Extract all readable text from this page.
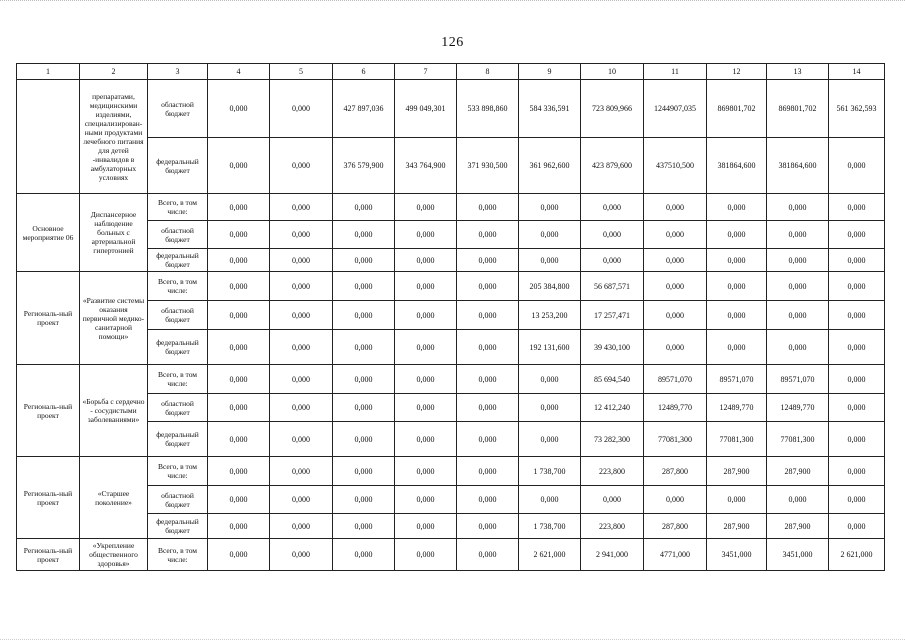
126
1	2	3	4	5	6	7	8	9	10	11	12	13	14
	препаратами, медицинскими изделиями, специализирован-ными продуктами лечебного питания для детей -инвалидов в амбулаторных условиях	областной бюджет	0,000	0,000	427 897,036	499 049,301	533 898,860	584 336,591	723 809,966	1244907,035	869801,702	869801,702	561 362,593
		федеральный бюджет	0,000	0,000	376 579,900	343 764,900	371 930,500	361 962,600	423 879,600	437510,500	381864,600	381864,600	0,000
Основное мероприятие 06	Диспансерное наблюдение больных с артериальной гипертонией	Всего, в том числе:	0,000	0,000	0,000	0,000	0,000	0,000	0,000	0,000	0,000	0,000	0,000
		областной бюджет	0,000	0,000	0,000	0,000	0,000	0,000	0,000	0,000	0,000	0,000	0,000
		федеральный бюджет	0,000	0,000	0,000	0,000	0,000	0,000	0,000	0,000	0,000	0,000	0,000
Региональ-ный проект	«Развитие системы оказания первичной медико-санитарной помощи»	Всего, в том числе:	0,000	0,000	0,000	0,000	0,000	205 384,800	56 687,571	0,000	0,000	0,000	0,000
		областной бюджет	0,000	0,000	0,000	0,000	0,000	13 253,200	17 257,471	0,000	0,000	0,000	0,000
		федеральный бюджет	0,000	0,000	0,000	0,000	0,000	192 131,600	39 430,100	0,000	0,000	0,000	0,000
Региональ-ный проект	«Борьба с сердечно - сосудистыми заболеваниями»	Всего, в том числе:	0,000	0,000	0,000	0,000	0,000	0,000	85 694,540	89571,070	89571,070	89571,070	0,000
		областной бюджет	0,000	0,000	0,000	0,000	0,000	0,000	12 412,240	12489,770	12489,770	12489,770	0,000
		федеральный бюджет	0,000	0,000	0,000	0,000	0,000	0,000	73 282,300	77081,300	77081,300	77081,300	0,000
Региональ-ный проект	«Старшее поколение»	Всего, в том числе:	0,000	0,000	0,000	0,000	0,000	1 738,700	223,800	287,800	287,900	287,900	0,000
		областной бюджет	0,000	0,000	0,000	0,000	0,000	0,000	0,000	0,000	0,000	0,000	0,000
		федеральный бюджет	0,000	0,000	0,000	0,000	0,000	1 738,700	223,800	287,800	287,900	287,900	0,000
Региональ-ный проект	«Укрепление общественного здоровья»	Всего, в том числе:	0,000	0,000	0,000	0,000	0,000	2 621,000	2 941,000	4771,000	3451,000	3451,000	2 621,000
